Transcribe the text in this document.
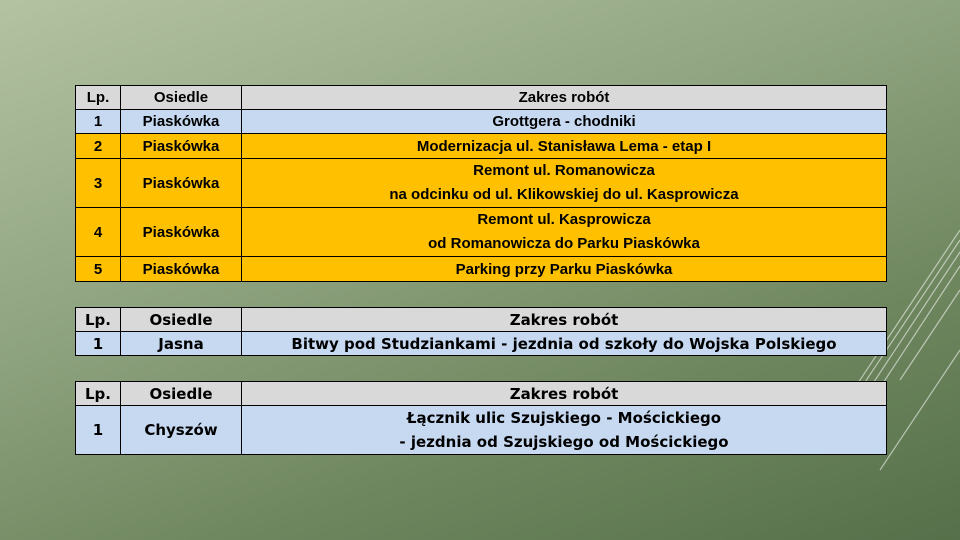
Lp.	Osiedle	Zakres robót
1	Piaskówka	Grottgera - chodniki

2	Piaskówka	Modernizacja ul. Stanisława Lema - etap I

3	Piaskówka	Remont ul. Romanowicza
na odcinku od ul. Klikowskiej do ul. Kasprowicza

4	Piaskówka	Remont ul. Kasprowicza
od Romanowicza do Parku Piaskówka

5	Piaskówka	Parking przy Parku Piaskówka
Lp.	Osiedle	Zakres robót
1	Jasna	Bitwy pod Studziankami - jezdnia od szkoły do Wojska Polskiego
Lp.	Osiedle	Zakres robót
1	Chyszów	Łącznik ulic Szujskiego - Mościckiego
- jezdnia od Szujskiego od Mościckiego
